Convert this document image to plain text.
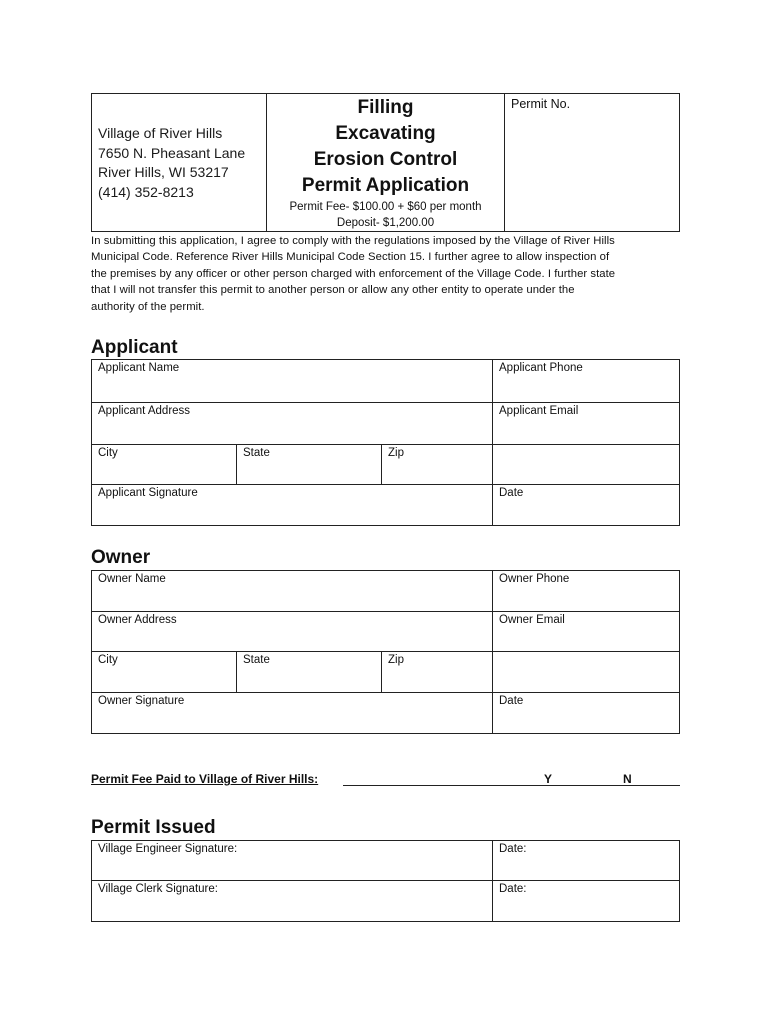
Village of River Hills
7650 N. Pheasant Lane
River Hills, WI 53217
(414) 352-8213
Filling
Excavating
Erosion Control
Permit Application
Permit Fee- $100.00 + $60 per month
Deposit- $1,200.00
Permit No.
In submitting this application, I agree to comply with the regulations imposed by the Village of River Hills
Municipal Code. Reference River Hills Municipal Code Section 15. I further agree to allow inspection of
the premises by any officer or other person charged with enforcement of the Village Code. I further state
that I will not transfer this permit to another person or allow any other entity to operate under the
authority of the permit.
Applicant
Applicant Name	Applicant Phone
Applicant Address	Applicant Email
City	State	Zip
Applicant Signature	Date
Owner
Owner Name	Owner Phone
Owner Address	Owner Email
City	State	Zip
Owner Signature	Date
Permit Fee Paid to Village of River Hills:	Y	N
Permit Issued
Village Engineer Signature:	Date:
Village Clerk Signature:	Date:
